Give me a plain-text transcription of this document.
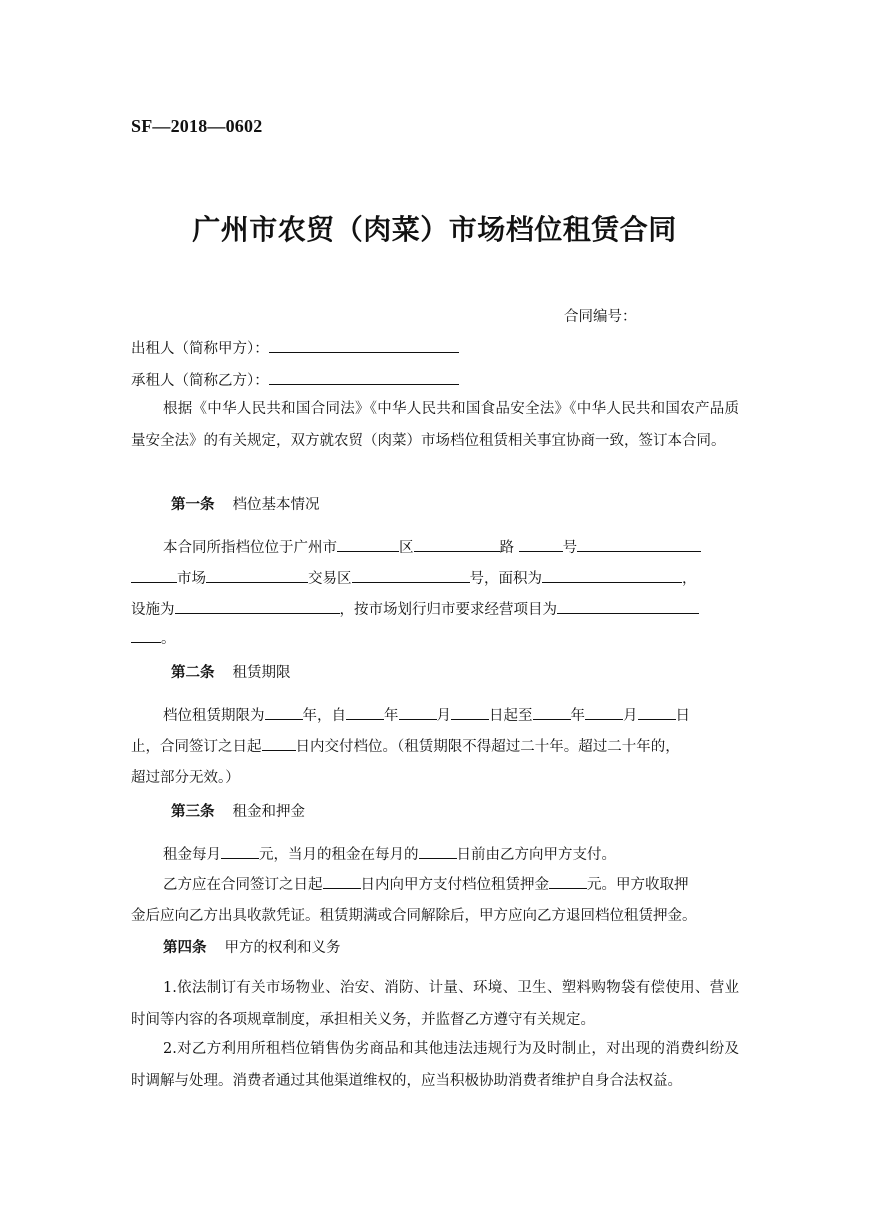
SF—2018—0602
广州市农贸（肉菜）市场档位租赁合同
合同编号：
出租人（简称甲方）：
承租人（简称乙方）：

根据《中华人民共和国合同法》《中华人民共和国食品安全法》《中华人民共和国农产品质量安全法》的有关规定，双方就农贸（肉菜）市场档位租赁相关事宜协商一致，签订本合同。

第一条 档位基本情况
本合同所指档位位于广州市	区	路	号
市场	交易区	号，面积为	，
设施为	，按市场划行归市要求经营项目为
。
第二条 租赁期限
档位租赁期限为	年，自	年	月	日起至	年	月	日
止，合同签订之日起 日内交付档位。（租赁期限不得超过二十年。超过二十年的，
超过部分无效。）
第三条 租金和押金
租金每月	元，当月的租金在每月的	日前由乙方向甲方支付。
乙方应在合同签订之日起	日内向甲方支付档位租赁押金	元。甲方收取押
金后应向乙方出具收款凭证。租赁期满或合同解除后，甲方应向乙方退回档位租赁押金。
第四条 甲方的权利和义务

1.依法制订有关市场物业、治安、消防、计量、环境、卫生、塑料购物袋有偿使用、营业时间等内容的各项规章制度，承担相关义务，并监督乙方遵守有关规定。

2.对乙方利用所租档位销售伪劣商品和其他违法违规行为及时制止，对出现的消费纠纷及时调解与处理。消费者通过其他渠道维权的，应当积极协助消费者维护自身合法权益。
